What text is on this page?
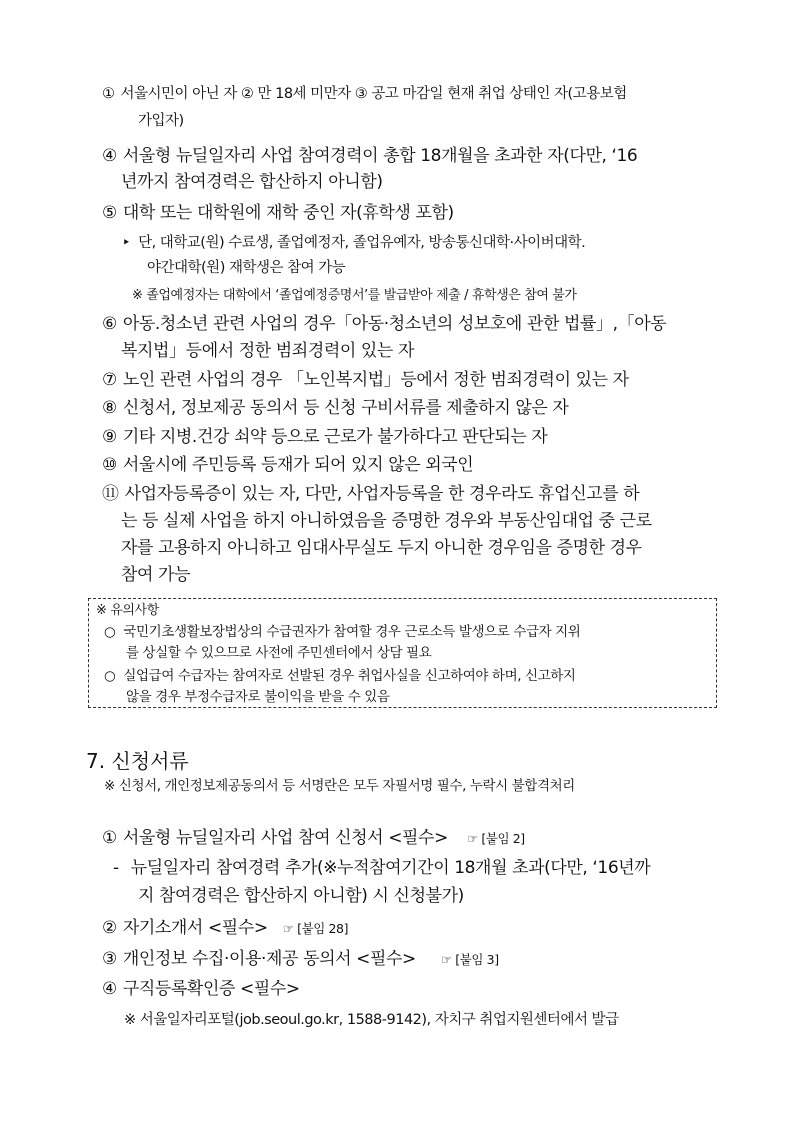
① 서울시민이 아닌 자 ② 만 18세 미만자 ③ 공고 마감일 현재 취업 상태인 자(고용보험
가입자)
④ 서울형 뉴딜일자리 사업 참여경력이 총합 18개월을 초과한 자(다만, ‘16
년까지 참여경력은 합산하지 아니함)
⑤ 대학 또는 대학원에 재학 중인 자(휴학생 포함)
‣ 단, 대학교(원) 수료생, 졸업예정자, 졸업유예자, 방송통신대학·사이버대학.
야간대학(원) 재학생은 참여 가능
※ 졸업예정자는 대학에서 ‘졸업예정증명서’를 발급받아 제출 / 휴학생은 참여 불가
⑥ 아동.청소년 관련 사업의 경우「아동·청소년의 성보호에 관한 법률」,「아동
복지법」등에서 정한 범죄경력이 있는 자
⑦ 노인 관련 사업의 경우 「노인복지법」등에서 정한 범죄경력이 있는 자
⑧ 신청서, 정보제공 동의서 등 신청 구비서류를 제출하지 않은 자
⑨ 기타 지병.건강 쇠약 등으로 근로가 불가하다고 판단되는 자
⑩ 서울시에 주민등록 등재가 되어 있지 않은 외국인
⑪ 사업자등록증이 있는 자, 다만, 사업자등록을 한 경우라도 휴업신고를 하
는 등 실제 사업을 하지 아니하였음을 증명한 경우와 부동산임대업 중 근로
자를 고용하지 아니하고 임대사무실도 두지 아니한 경우임을 증명한 경우
참여 가능
※ 유의사항
○ 국민기초생활보장법상의 수급권자가 참여할 경우 근로소득 발생으로 수급자 지위
를 상실할 수 있으므로 사전에 주민센터에서 상담 필요
○ 실업급여 수급자는 참여자로 선발된 경우 취업사실을 신고하여야 하며, 신고하지
않을 경우 부정수급자로 불이익을 받을 수 있음
7. 신청서류
※ 신청서, 개인정보제공동의서 등 서명란은 모두 자필서명 필수, 누락시 불합격처리
① 서울형 뉴딜일자리 사업 참여 신청서 <필수> ☞ [붙임 2]
- 뉴딜일자리 참여경력 추가(※누적참여기간이 18개월 초과(다만, ‘16년까
지 참여경력은 합산하지 아니함) 시 신청불가)
② 자기소개서 <필수> ☞ [붙임 28]
③ 개인정보 수집·이용·제공 동의서 <필수> ☞ [붙임 3]
④ 구직등록확인증 <필수>
※ 서울일자리포털(job.seoul.go.kr, 1588-9142), 자치구 취업지원센터에서 발급
